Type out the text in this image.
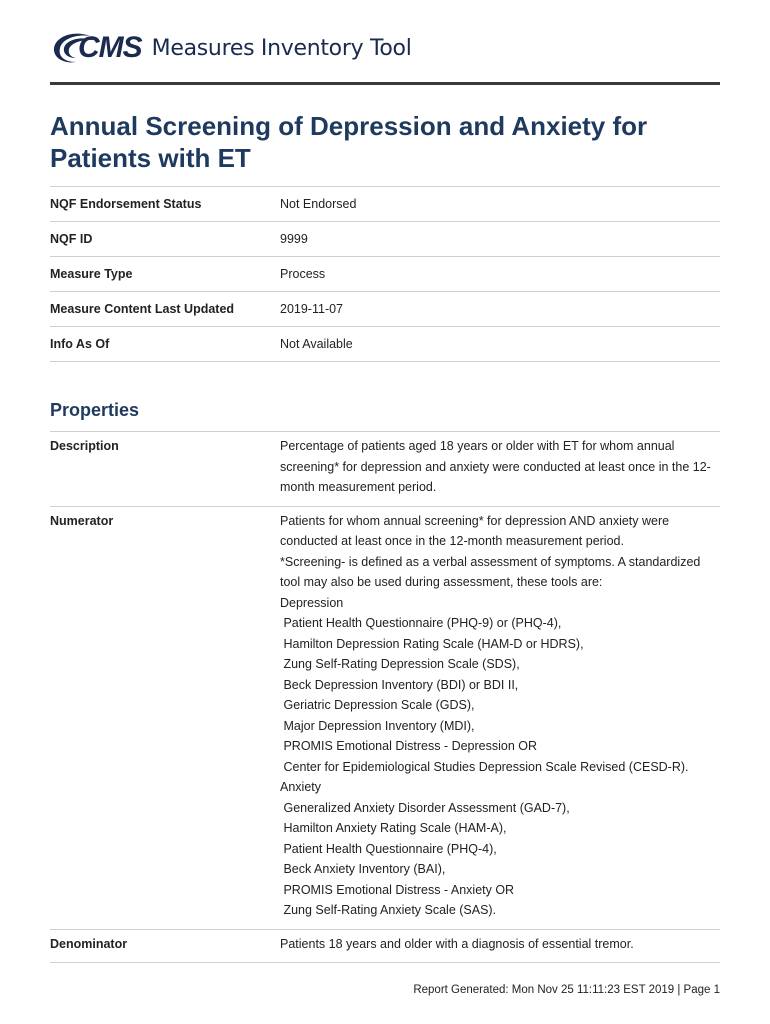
CMS Measures Inventory Tool
Annual Screening of Depression and Anxiety for Patients with ET
NQF Endorsement Status	Not Endorsed
NQF ID	9999
Measure Type	Process
Measure Content Last Updated	2019-11-07
Info As Of	Not Available
Properties
Description	Percentage of patients aged 18 years or older with ET for whom annual
screening* for depression and anxiety were conducted at least once in the 12-
month measurement period.
Numerator	Patients for whom annual screening* for depression AND anxiety were
conducted at least once in the 12-month measurement period.
*Screening- is defined as a verbal assessment of symptoms. A standardized
tool may also be used during assessment, these tools are:
Depression
Patient Health Questionnaire (PHQ-9) or (PHQ-4),
Hamilton Depression Rating Scale (HAM-D or HDRS),
Zung Self-Rating Depression Scale (SDS),
Beck Depression Inventory (BDI) or BDI II,
Geriatric Depression Scale (GDS),
Major Depression Inventory (MDI),
PROMIS Emotional Distress - Depression OR
Center for Epidemiological Studies Depression Scale Revised (CESD-R).
Anxiety
Generalized Anxiety Disorder Assessment (GAD-7),
Hamilton Anxiety Rating Scale (HAM-A),
Patient Health Questionnaire (PHQ-4),
Beck Anxiety Inventory (BAI),
PROMIS Emotional Distress - Anxiety OR
Zung Self-Rating Anxiety Scale (SAS).
Denominator	Patients 18 years and older with a diagnosis of essential tremor.
Report Generated: Mon Nov 25 11:11:23 EST 2019 | Page 1
